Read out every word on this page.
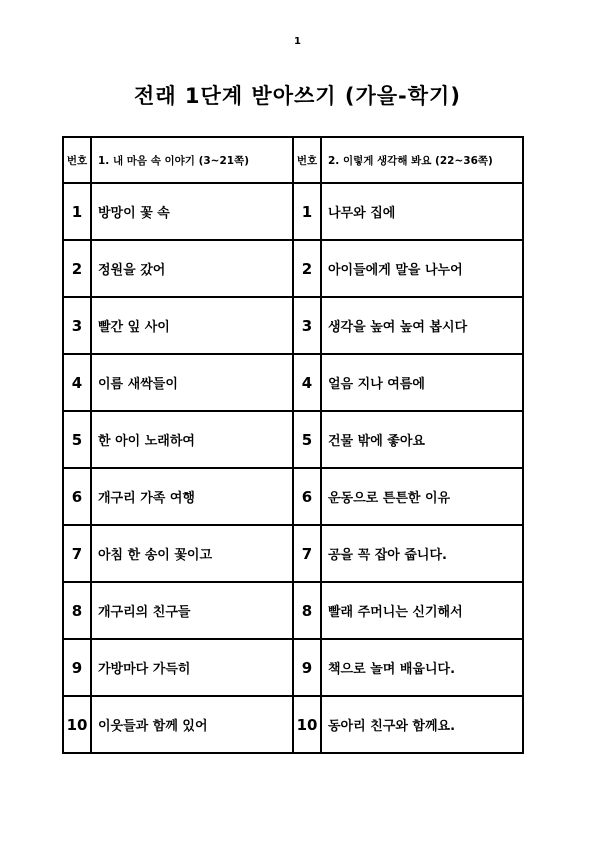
1
전래 1단계 받아쓰기 (가을-학기)
번호	1. 내 마음 속 이야기 (3~21쪽)	번호	2. 이렇게 생각해 봐요 (22~36쪽)
1	방망이 꽃 속	1	나무와 집에
2	정원을 갔어	2	아이들에게 말을 나누어
3	빨간 잎 사이	3	생각을 높여 높여 봅시다
4	이름 새싹들이	4	얼음 지나 여름에
5	한 아이 노래하여	5	건물 밖에 좋아요
6	개구리 가족 여행	6	운동으로 튼튼한 이유
7	아침 한 송이 꽃이고	7	공을 꼭 잡아 줍니다.
8	개구리의 친구들	8	빨래 주머니는 신기해서
9	가방마다 가득히	9	책으로 놀며 배웁니다.
10	이웃들과 함께 있어	10	동아리 친구와 함께요.
